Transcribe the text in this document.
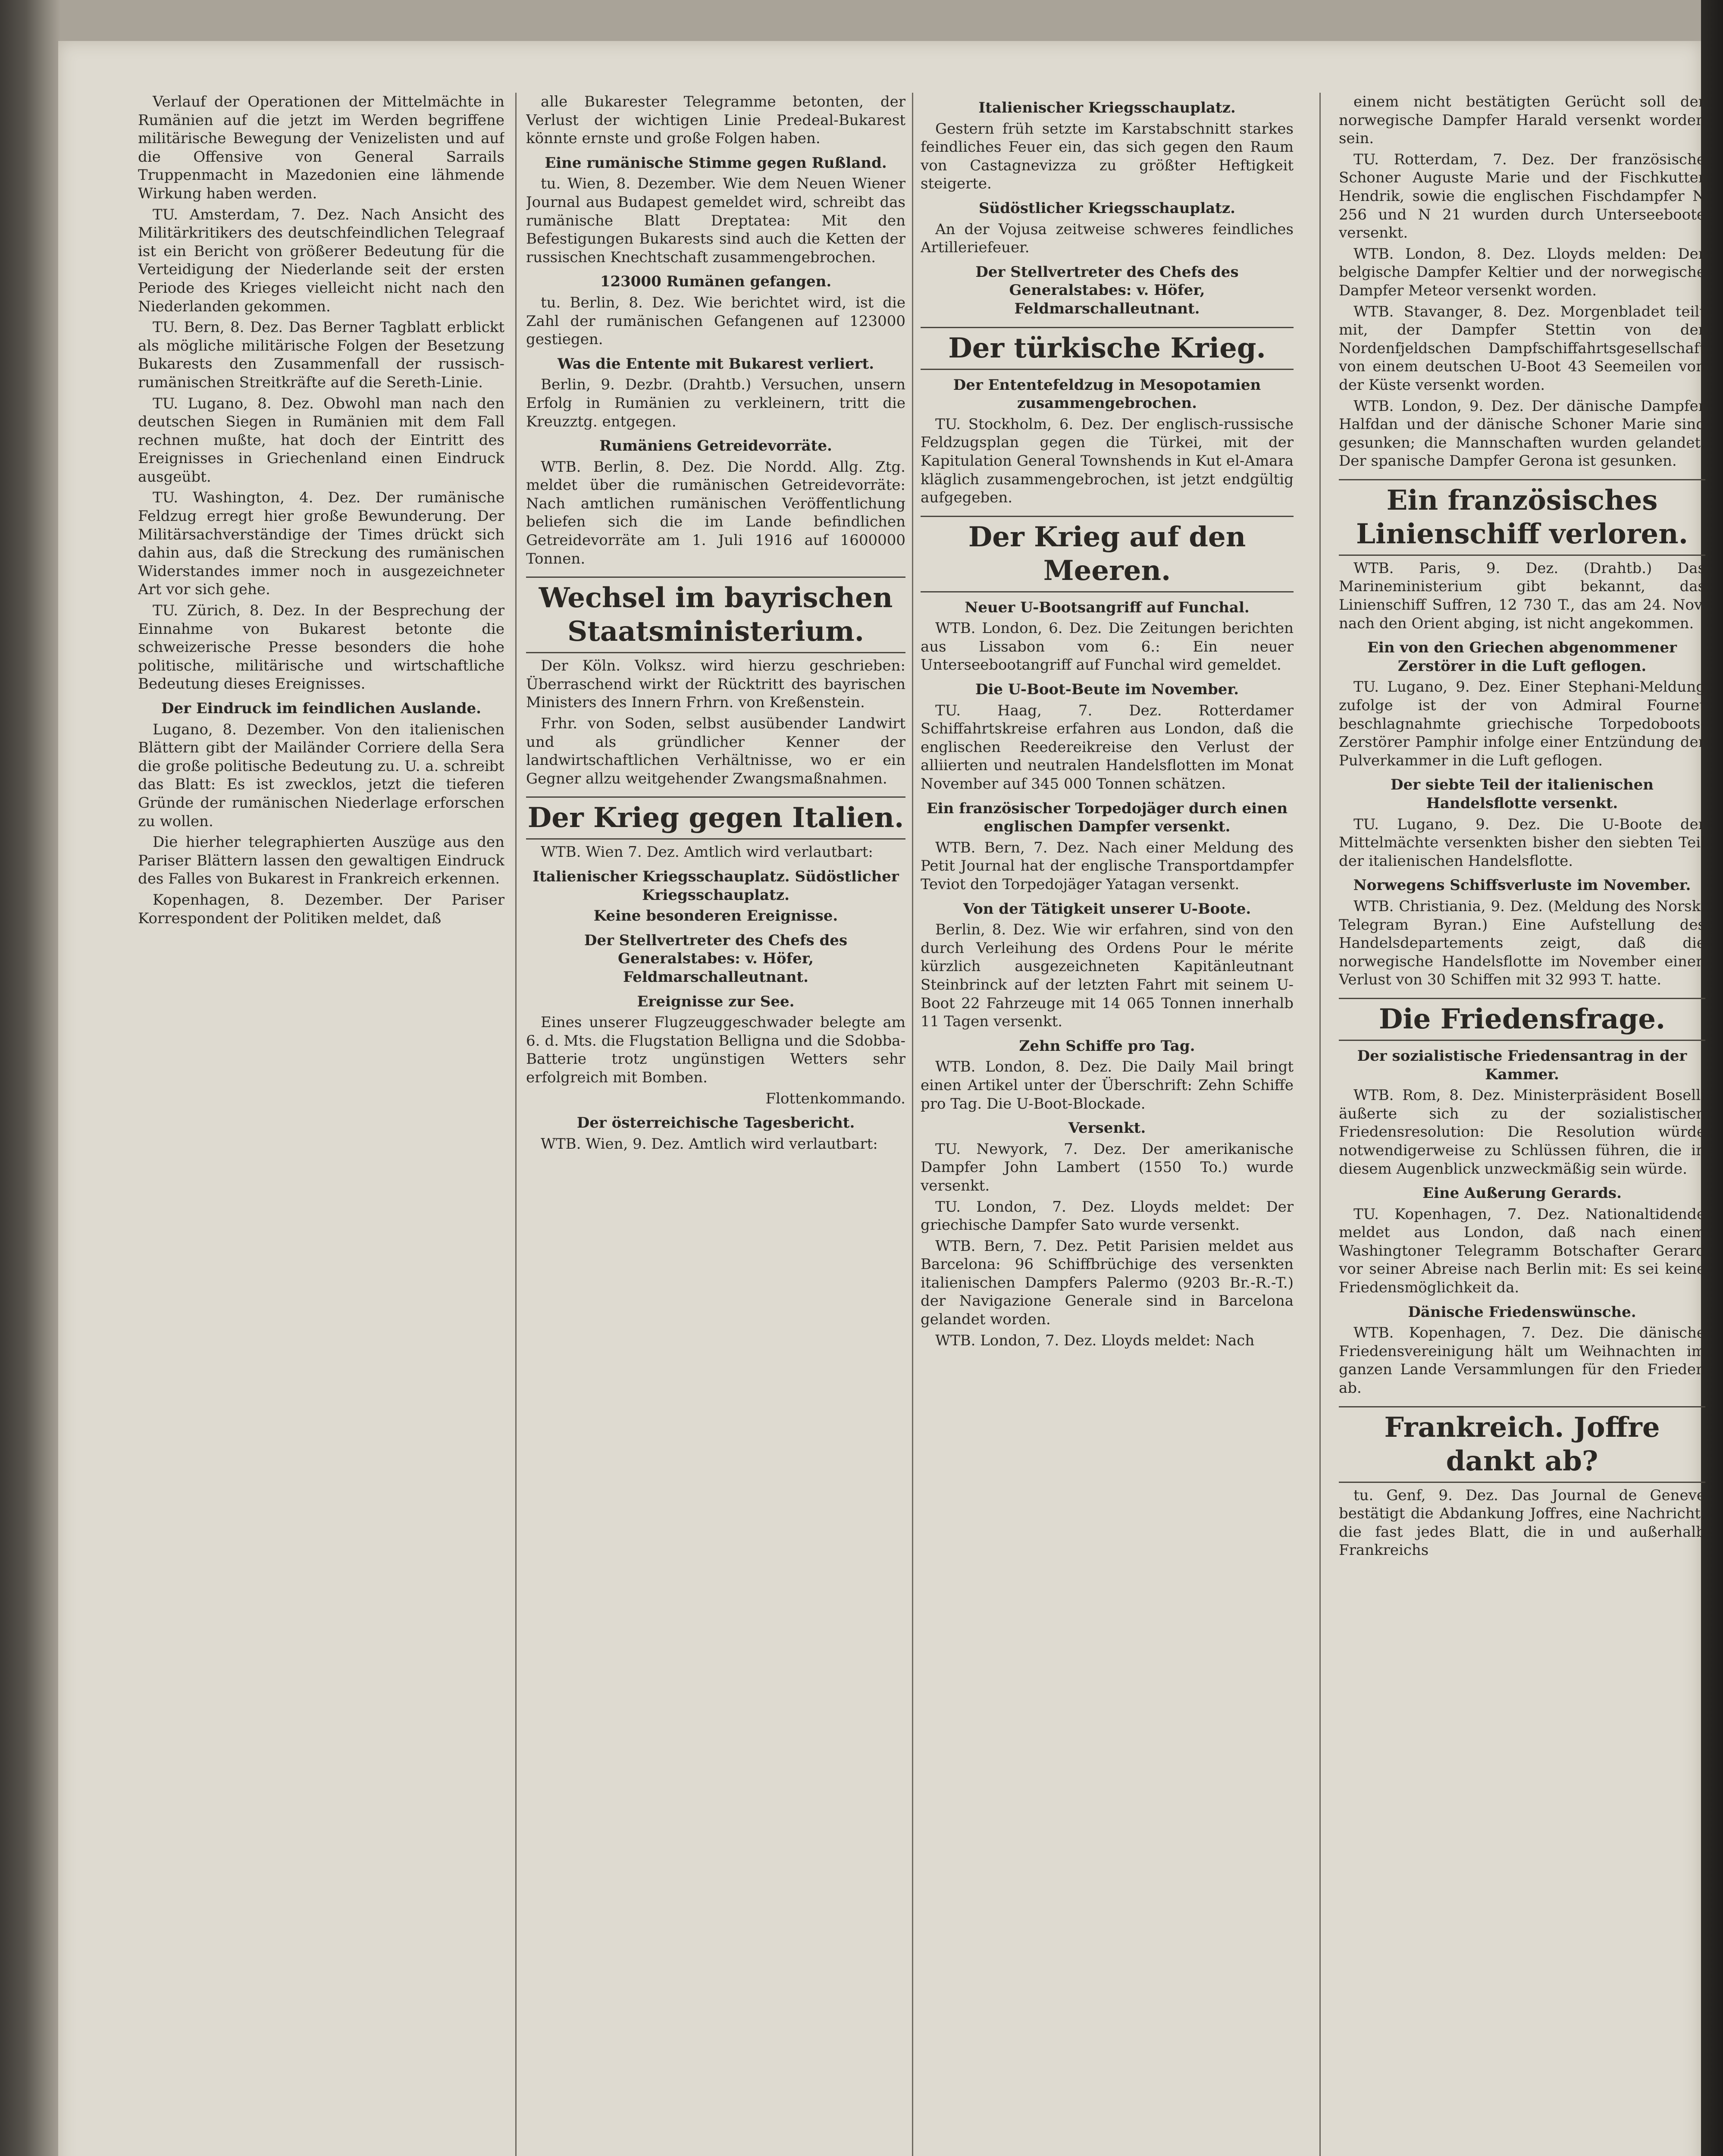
Verlauf der Operationen der Mittelmächte in Rumänien auf die jetzt im Werden begriffene militärische Bewegung der Venizelisten und auf die Offensive von General Sarrails Truppenmacht in Mazedonien eine lähmende Wirkung haben werden.
TU. Amsterdam, 7. Dez. Nach Ansicht des Militärkritikers des deutschfeindlichen Telegraaf ist ein Bericht von größerer Bedeutung für die Verteidigung der Niederlande seit der ersten Periode des Krieges vielleicht nicht nach den Niederlanden gekommen.
TU. Bern, 8. Dez. Das Berner Tagblatt erblickt als mögliche militärische Folgen der Besetzung Bukarests den Zusammenfall der russisch-rumänischen Streitkräfte auf die Sereth-Linie.
TU. Lugano, 8. Dez. Obwohl man nach den deutschen Siegen in Rumänien mit dem Fall rechnen mußte, hat doch der Eintritt des Ereignisses in Griechenland einen Eindruck ausgeübt.
TU. Washington, 4. Dez. Der rumänische Feldzug erregt hier große Bewunderung. Der Militärsachverständige der Times drückt sich dahin aus, daß die Streckung des rumänischen Widerstandes immer noch in ausgezeichneter Art vor sich gehe.
TU. Zürich, 8. Dez. In der Besprechung der Einnahme von Bukarest betonte die schweizerische Presse besonders die hohe politische, militärische und wirtschaftliche Bedeutung dieses Ereignisses.
Der Eindruck im feindlichen Auslande.
Lugano, 8. Dezember. Von den italienischen Blättern gibt der Mailänder Corriere della Sera die große politische Bedeutung zu. U. a. schreibt das Blatt: Es ist zwecklos, jetzt die tieferen Gründe der rumänischen Niederlage erforschen zu wollen.
Die hierher telegraphierten Auszüge aus den Pariser Blättern lassen den gewaltigen Eindruck des Falles von Bukarest in Frankreich erkennen.
Kopenhagen, 8. Dezember. Der Pariser Korrespondent der Politiken meldet, daß
alle Bukarester Telegramme betonten, der Verlust der wichtigen Linie Predeal-Bukarest könnte ernste und große Folgen haben.
Eine rumänische Stimme gegen Rußland.
tu. Wien, 8. Dezember. Wie dem Neuen Wiener Journal aus Budapest gemeldet wird, schreibt das rumänische Blatt Dreptatea: Mit den Befestigungen Bukarests sind auch die Ketten der russischen Knechtschaft zusammengebrochen.
123000 Rumänen gefangen.
tu. Berlin, 8. Dez. Wie berichtet wird, ist die Zahl der rumänischen Gefangenen auf 123000 gestiegen.
Was die Entente mit Bukarest verliert.
Berlin, 9. Dezbr. (Drahtb.) Versuchen, unsern Erfolg in Rumänien zu verkleinern, tritt die Kreuzztg. entgegen.
Rumäniens Getreidevorräte.
WTB. Berlin, 8. Dez. Die Nordd. Allg. Ztg. meldet über die rumänischen Getreidevorräte: Nach amtlichen rumänischen Veröffentlichung beliefen sich die im Lande befindlichen Getreidevorräte am 1. Juli 1916 auf 1600000 Tonnen.
Wechsel im bayrischen Staatsministerium.
Der Köln. Volksz. wird hierzu geschrieben: Überraschend wirkt der Rücktritt des bayrischen Ministers des Innern Frhrn. von Kreßenstein.
Frhr. von Soden, selbst ausübender Landwirt und als gründlicher Kenner der landwirtschaftlichen Verhältnisse, wo er ein Gegner allzu weitgehender Zwangsmaßnahmen.
Der Krieg gegen Italien.
WTB. Wien 7. Dez. Amtlich wird verlautbart:
Italienischer Kriegsschauplatz. Südöstlicher Kriegsschauplatz.
Keine besonderen Ereignisse.
Der Stellvertreter des Chefs des Generalstabes: v. Höfer, Feldmarschalleutnant.
Ereignisse zur See.
Eines unserer Flugzeuggeschwader belegte am 6. d. Mts. die Flugstation Belligna und die Sdobba-Batterie trotz ungünstigen Wetters sehr erfolgreich mit Bomben.
Flottenkommando.
Der österreichische Tagesbericht.
WTB. Wien, 9. Dez. Amtlich wird verlautbart:
Italienischer Kriegsschauplatz.
Gestern früh setzte im Karstabschnitt starkes feindliches Feuer ein, das sich gegen den Raum von Castagnevizza zu größter Heftigkeit steigerte.
Südöstlicher Kriegsschauplatz.
An der Vojusa zeitweise schweres feindliches Artilleriefeuer.
Der Stellvertreter des Chefs des Generalstabes: v. Höfer, Feldmarschalleutnant.
Der türkische Krieg.
Der Ententefeldzug in Mesopotamien zusammengebrochen.
TU. Stockholm, 6. Dez. Der englisch-russische Feldzugsplan gegen die Türkei, mit der Kapitulation General Townshends in Kut el-Amara kläglich zusammengebrochen, ist jetzt endgültig aufgegeben.
Der Krieg auf den Meeren.
Neuer U-Bootsangriff auf Funchal.
WTB. London, 6. Dez. Die Zeitungen berichten aus Lissabon vom 6.: Ein neuer Unterseebootangriff auf Funchal wird gemeldet.
Die U-Boot-Beute im November.
TU. Haag, 7. Dez. Rotterdamer Schiffahrtskreise erfahren aus London, daß die englischen Reedereikreise den Verlust der alliierten und neutralen Handelsflotten im Monat November auf 345 000 Tonnen schätzen.
Ein französischer Torpedojäger durch einen englischen Dampfer versenkt.
WTB. Bern, 7. Dez. Nach einer Meldung des Petit Journal hat der englische Transportdampfer Teviot den Torpedojäger Yatagan versenkt.
Von der Tätigkeit unserer U-Boote.
Berlin, 8. Dez. Wie wir erfahren, sind von den durch Verleihung des Ordens Pour le mérite kürzlich ausgezeichneten Kapitänleutnant Steinbrinck auf der letzten Fahrt mit seinem U-Boot 22 Fahrzeuge mit 14 065 Tonnen innerhalb 11 Tagen versenkt.
Zehn Schiffe pro Tag.
WTB. London, 8. Dez. Die Daily Mail bringt einen Artikel unter der Überschrift: Zehn Schiffe pro Tag. Die U-Boot-Blockade.
Versenkt.
TU. Newyork, 7. Dez. Der amerikanische Dampfer John Lambert (1550 To.) wurde versenkt.
TU. London, 7. Dez. Lloyds meldet: Der griechische Dampfer Sato wurde versenkt.
WTB. Bern, 7. Dez. Petit Parisien meldet aus Barcelona: 96 Schiffbrüchige des versenkten italienischen Dampfers Palermo (9203 Br.-R.-T.) der Navigazione Generale sind in Barcelona gelandet worden.
WTB. London, 7. Dez. Lloyds meldet: Nach
einem nicht bestätigten Gerücht soll der norwegische Dampfer Harald versenkt worden sein.
TU. Rotterdam, 7. Dez. Der französische Schoner Auguste Marie und der Fischkutter Hendrik, sowie die englischen Fischdampfer N 256 und N 21 wurden durch Unterseeboote versenkt.
WTB. London, 8. Dez. Lloyds melden: Der belgische Dampfer Keltier und der norwegische Dampfer Meteor versenkt worden.
WTB. Stavanger, 8. Dez. Morgenbladet teilt mit, der Dampfer Stettin von der Nordenfjeldschen Dampfschiffahrtsgesellschaft von einem deutschen U-Boot 43 Seemeilen von der Küste versenkt worden.
WTB. London, 9. Dez. Der dänische Dampfer Halfdan und der dänische Schoner Marie sind gesunken; die Mannschaften wurden gelandet. Der spanische Dampfer Gerona ist gesunken.
Ein französisches Linienschiff verloren.
WTB. Paris, 9. Dez. (Drahtb.) Das Marineministerium gibt bekannt, das Linienschiff Suffren, 12 730 T., das am 24. Nov. nach den Orient abging, ist nicht angekommen.
Ein von den Griechen abgenommener Zerstörer in die Luft geflogen.
TU. Lugano, 9. Dez. Einer Stephani-Meldung zufolge ist der von Admiral Fournet beschlagnahmte griechische Torpedoboots-Zerstörer Pamphir infolge einer Entzündung der Pulverkammer in die Luft geflogen.
Der siebte Teil der italienischen Handelsflotte versenkt.
TU. Lugano, 9. Dez. Die U-Boote der Mittelmächte versenkten bisher den siebten Teil der italienischen Handelsflotte.
Norwegens Schiffsverluste im November.
WTB. Christiania, 9. Dez. (Meldung des Norsk. Telegram Byran.) Eine Aufstellung des Handelsdepartements zeigt, daß die norwegische Handelsflotte im November einen Verlust von 30 Schiffen mit 32 993 T. hatte.
Die Friedensfrage.
Der sozialistische Friedensantrag in der Kammer.
WTB. Rom, 8. Dez. Ministerpräsident Boselli äußerte sich zu der sozialistischen Friedensresolution: Die Resolution würde notwendigerweise zu Schlüssen führen, die in diesem Augenblick unzweckmäßig sein würde.
Eine Außerung Gerards.
TU. Kopenhagen, 7. Dez. Nationaltidende meldet aus London, daß nach einem Washingtoner Telegramm Botschafter Gerard vor seiner Abreise nach Berlin mit: Es sei keine Friedensmöglichkeit da.
Dänische Friedenswünsche.
WTB. Kopenhagen, 7. Dez. Die dänische Friedensvereinigung hält um Weihnachten im ganzen Lande Versammlungen für den Frieden ab.
Frankreich. Joffre dankt ab?
tu. Genf, 9. Dez. Das Journal de Geneve bestätigt die Abdankung Joffres, eine Nachricht, die fast jedes Blatt, die in und außerhalb Frankreichs
